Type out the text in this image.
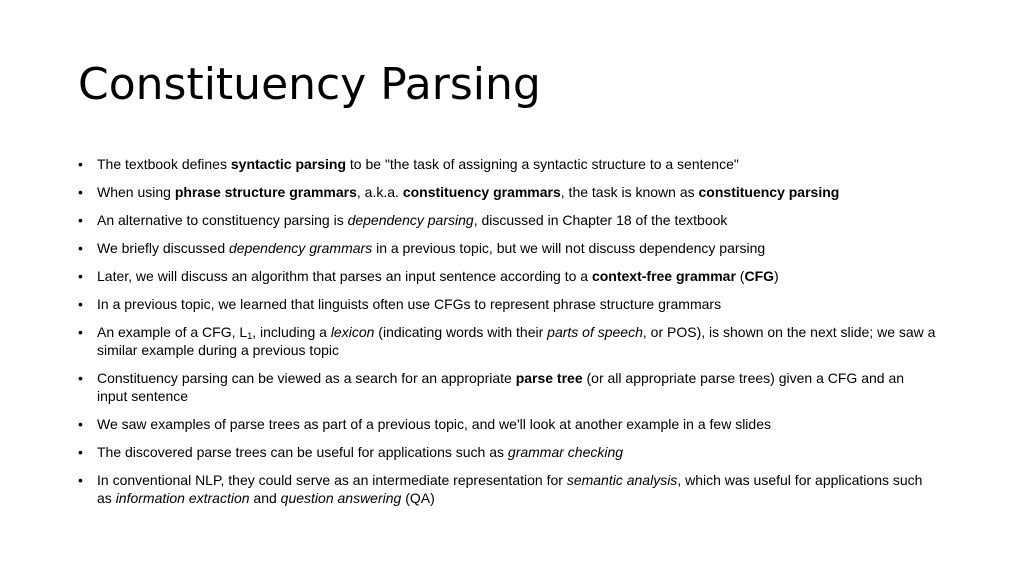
Constituency Parsing
• The textbook defines syntactic parsing to be "the task of assigning a syntactic structure to a sentence"
• When using phrase structure grammars, a.k.a. constituency grammars, the task is known as constituency parsing
• An alternative to constituency parsing is dependency parsing, discussed in Chapter 18 of the textbook
• We briefly discussed dependency grammars in a previous topic, but we will not discuss dependency parsing
• Later, we will discuss an algorithm that parses an input sentence according to a context-free grammar (CFG)
• In a previous topic, we learned that linguists often use CFGs to represent phrase structure grammars
• An example of a CFG, $L_1$, including a lexicon (indicating words with their parts of speech, or POS), is shown on the next slide; we saw a similar example during a previous topic
• Constituency parsing can be viewed as a search for an appropriate parse tree (or all appropriate parse trees) given a CFG and an input sentence
• We saw examples of parse trees as part of a previous topic, and we'll look at another example in a few slides
• The discovered parse trees can be useful for applications such as grammar checking
• In conventional NLP, they could serve as an intermediate representation for semantic analysis, which was useful for applications such as information extraction and question answering (QA)
